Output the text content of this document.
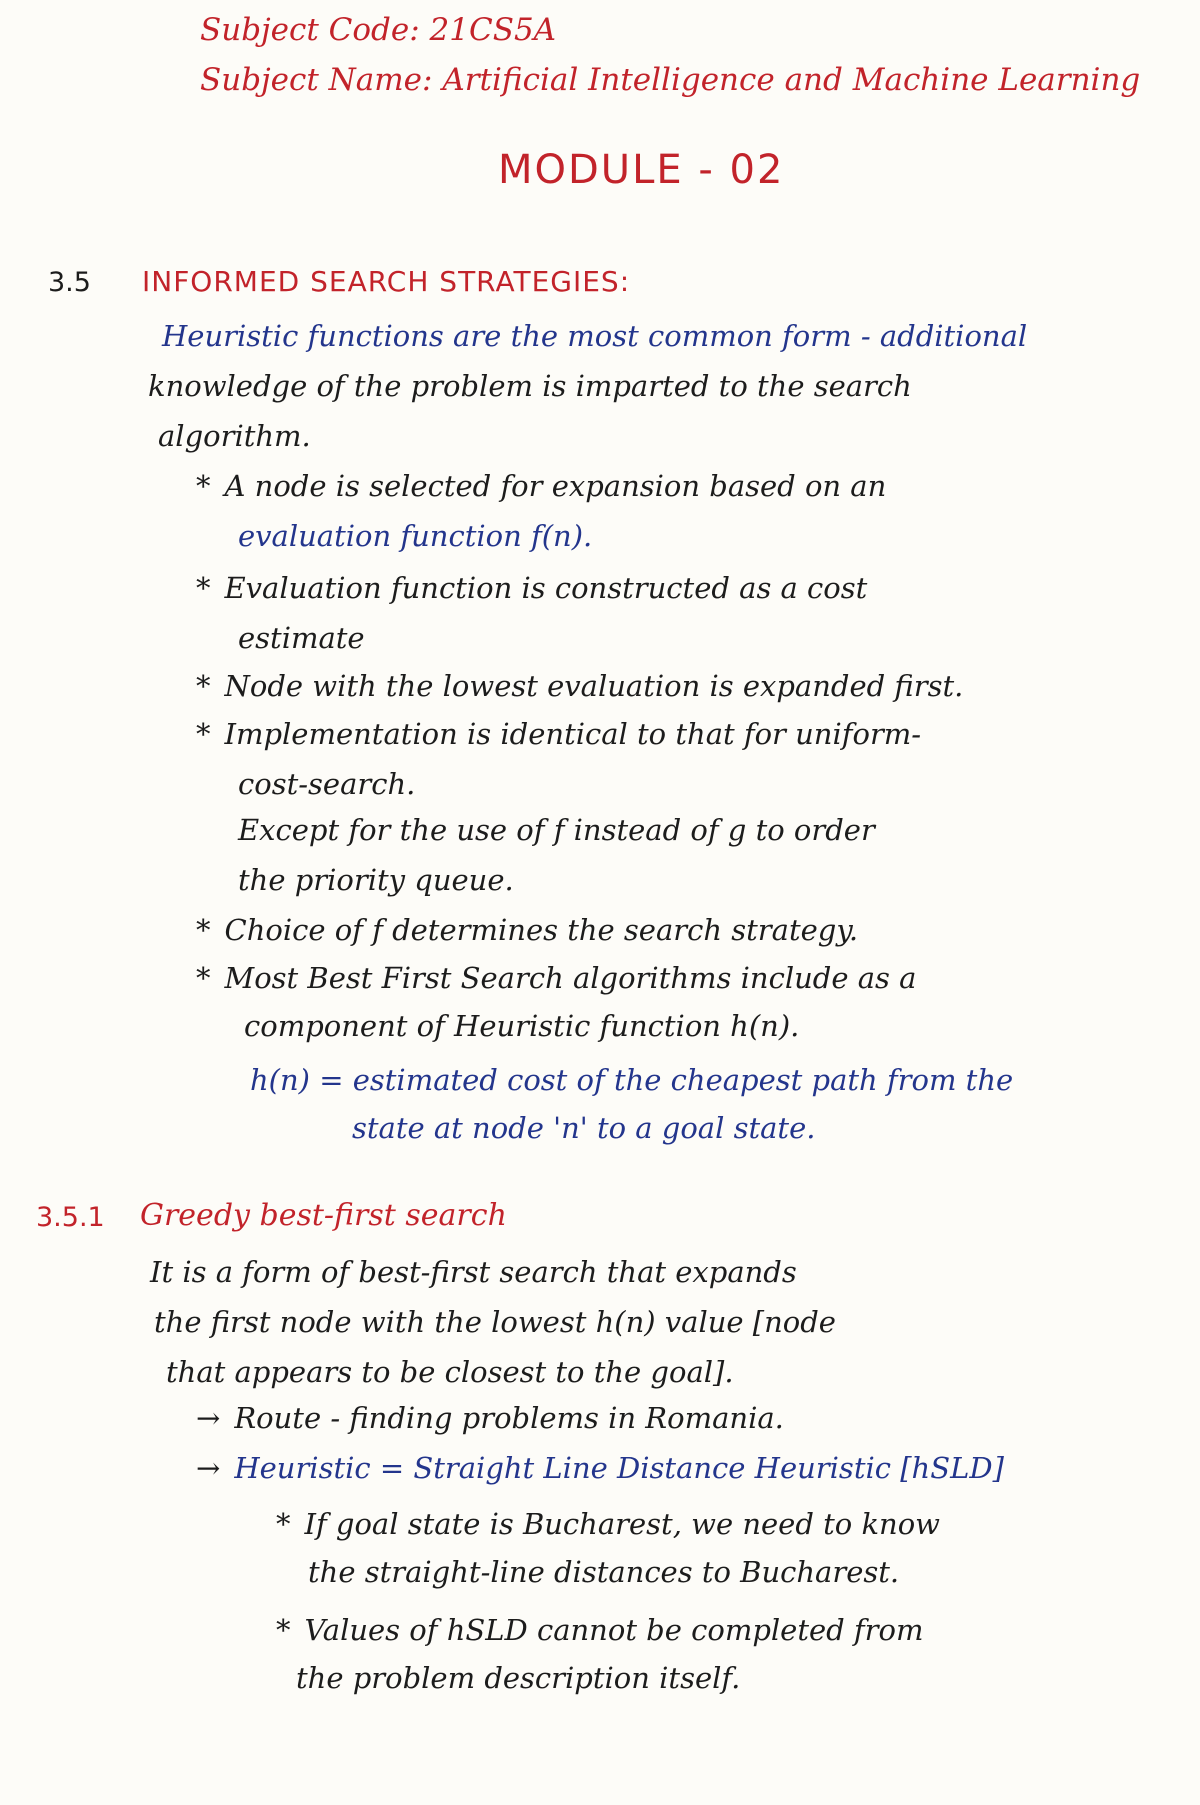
Subject Code: 21CS5A
Subject Name: Artificial Intelligence and Machine Learning
MODULE - 02
3.5 INFORMED SEARCH STRATEGIES:
Heuristic functions are the most common form - additional
knowledge of the problem is imparted to the search
algorithm.
* A node is selected for expansion based on an
evaluation function f(n).
* Evaluation function is constructed as a cost
estimate
* Node with the lowest evaluation is expanded first.
* Implementation is identical to that for uniform-
cost-search.
Except for the use of f instead of g to order
the priority queue.
* Choice of f determines the search strategy.
* Most Best First Search algorithms include as a
component of Heuristic function h(n).
h(n) = estimated cost of the cheapest path from the
state at node 'n' to a goal state.
3.5.1 Greedy best-first search
It is a form of best-first search that expands
the first node with the lowest h(n) value [node
that appears to be closest to the goal].
→ Route - finding problems in Romania.
→ Heuristic = Straight Line Distance Heuristic [hSLD]
* If goal state is Bucharest, we need to know
the straight-line distances to Bucharest.
* Values of hSLD cannot be completed from
the problem description itself.
